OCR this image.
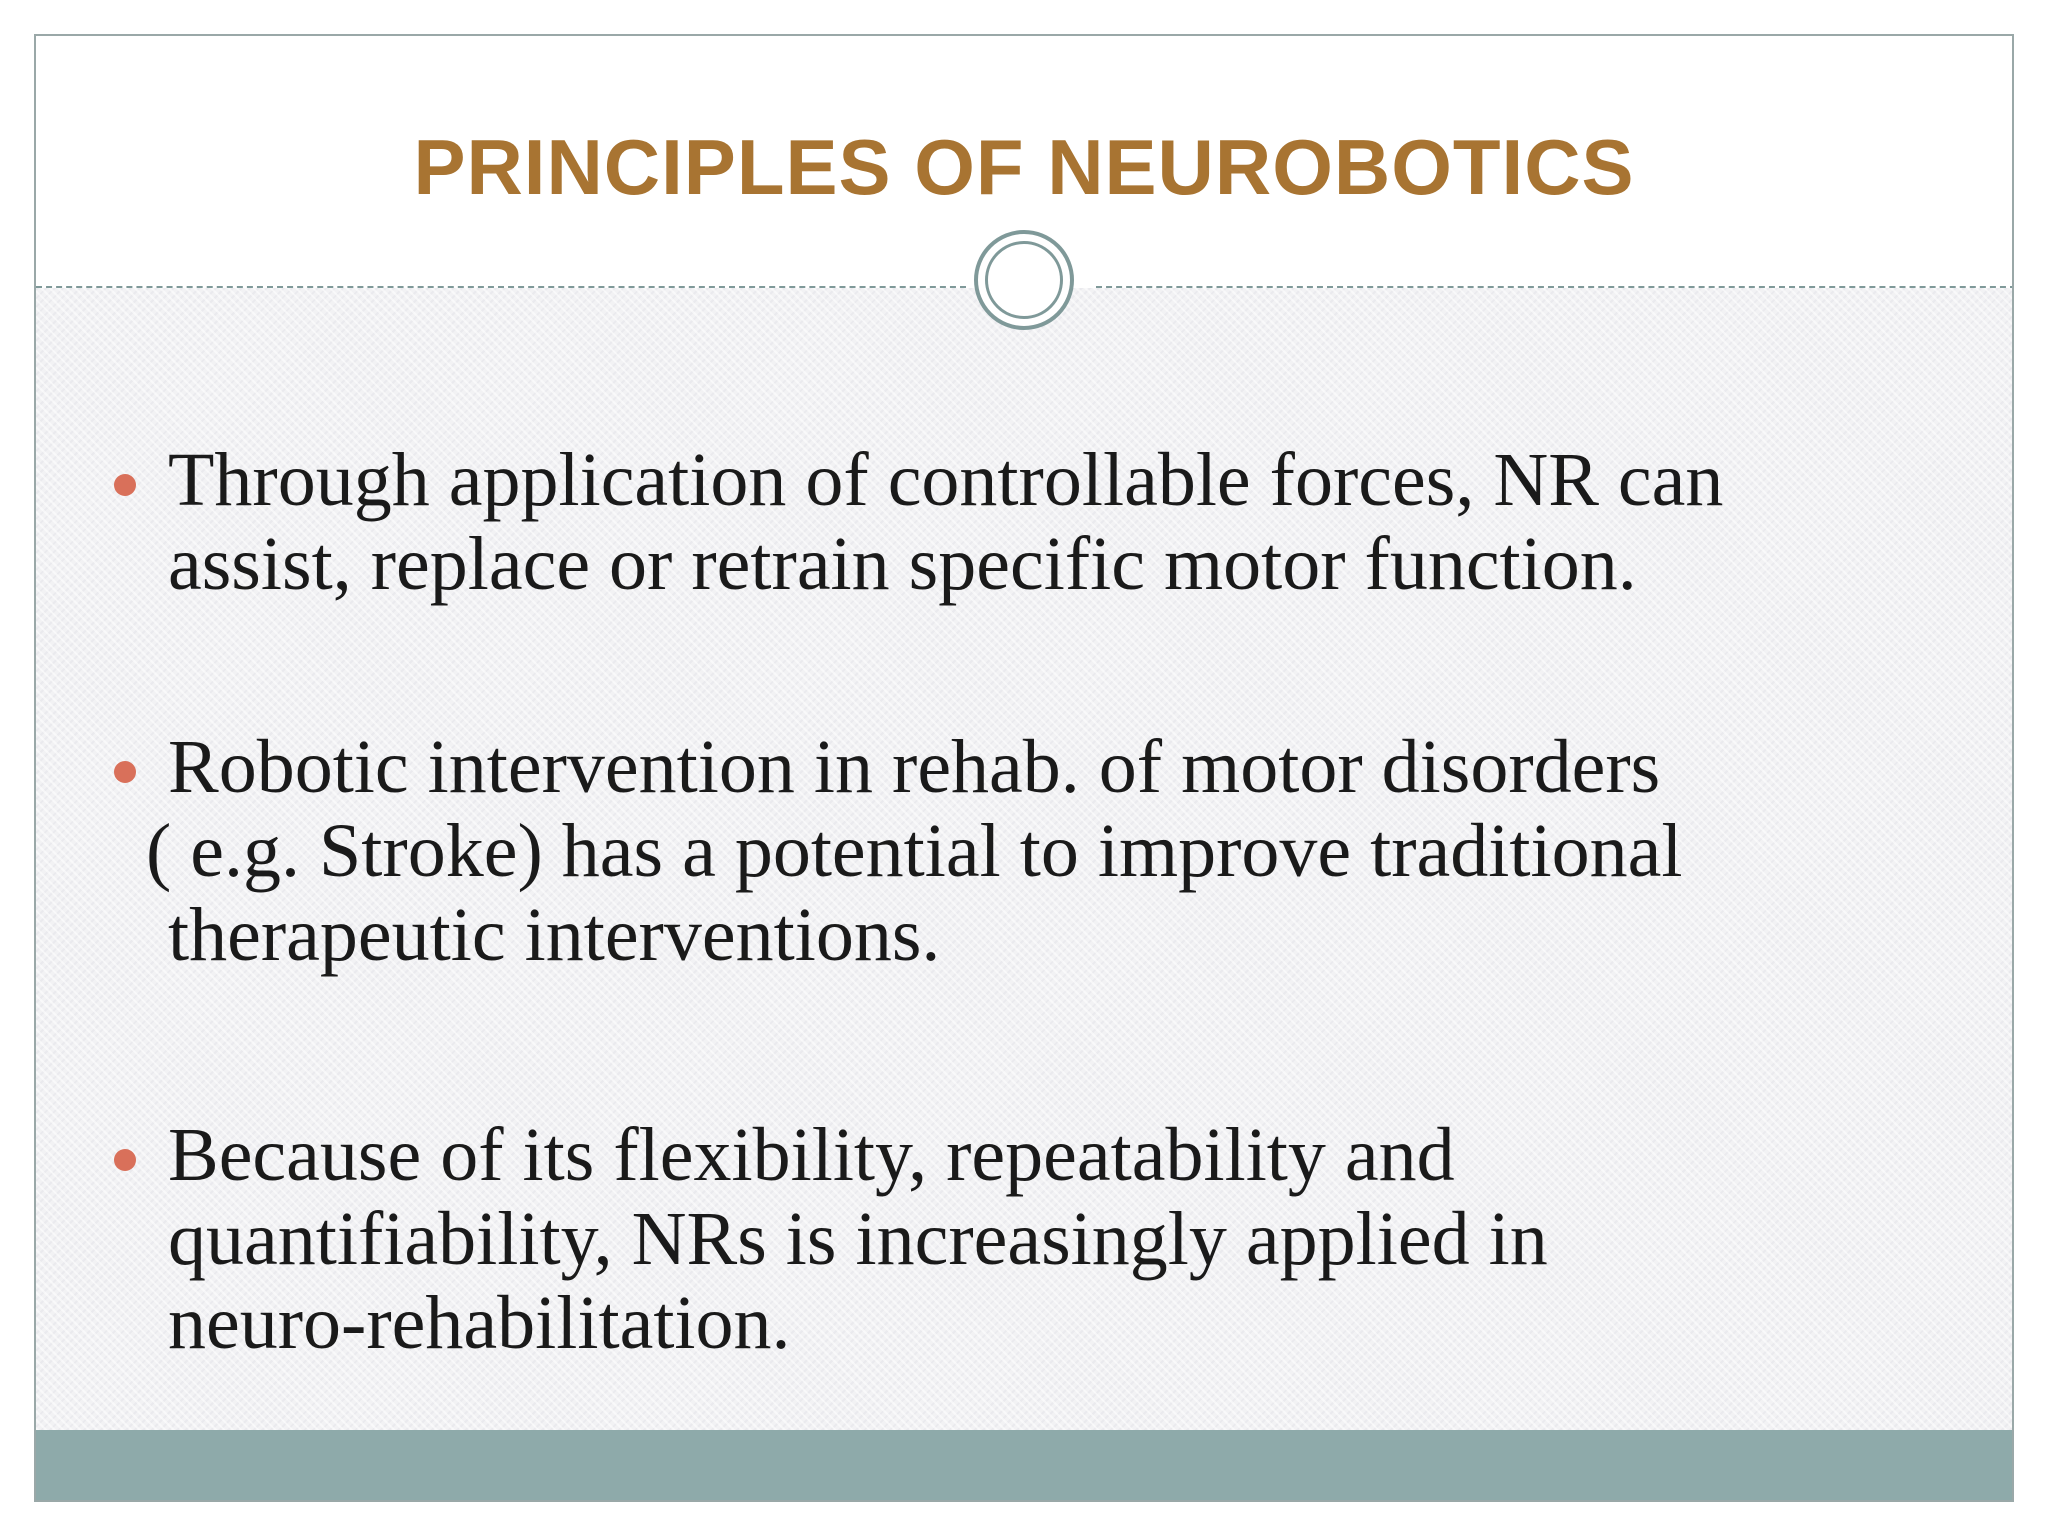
PRINCIPLES OF NEUROBOTICS
Through application of controllable forces, NR can
assist, replace or retrain specific motor function.
Robotic intervention in rehab. of motor disorders
( e.g. Stroke) has a potential to improve traditional
therapeutic interventions.
Because of its flexibility, repeatability and
quantifiability, NRs is increasingly applied in
neuro-rehabilitation.
